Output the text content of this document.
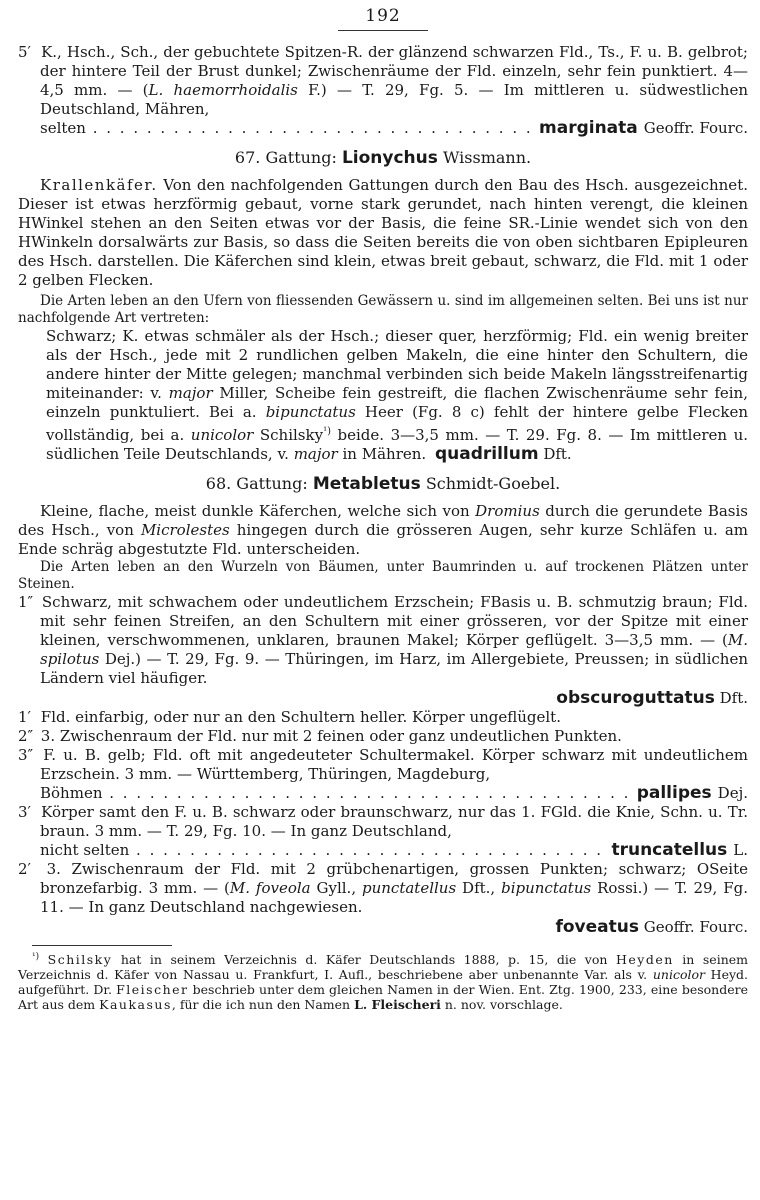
192
5′ K., Hsch., Sch., der gebuchtete Spitzen-R. der glänzend schwarzen Fld., Ts., F. u. B. gelbrot; der hintere Teil der Brust dunkel; Zwischenräume der Fld. einzeln, sehr fein punktiert. 4—4,5 mm. — (L. haemorrhoidalis F.) — T. 29, Fg. 5. — Im mittleren u. südwestlichen Deutschland, Mähren,
selten . . .	marginata Geoffr. Fourc.
67. Gattung: Lionychus Wissmann.
Krallenkäfer. Von den nachfolgenden Gattungen durch den Bau des Hsch. ausgezeichnet. Dieser ist etwas herzförmig gebaut, vorne stark gerundet, nach hinten verengt, die kleinen HWinkel stehen an den Seiten etwas vor der Basis, die feine SR.-Linie wendet sich von den HWinkeln dorsalwärts zur Basis, so dass die Seiten bereits die von oben sichtbaren Epipleuren des Hsch. darstellen. Die Käferchen sind klein, etwas breit gebaut, schwarz, die Fld. mit 1 oder 2 gelben Flecken.
Die Arten leben an den Ufern von fliessenden Gewässern u. sind im allgemeinen selten. Bei uns ist nur nachfolgende Art vertreten:
Schwarz; K. etwas schmäler als der Hsch.; dieser quer, herzförmig; Fld. ein wenig breiter als der Hsch., jede mit 2 rundlichen gelben Makeln, die eine hinter den Schultern, die andere hinter der Mitte gelegen; manchmal verbinden sich beide Makeln längsstreifenartig miteinander: v. major Miller, Scheibe fein gestreift, die flachen Zwischenräume sehr fein, einzeln punktuliert. Bei a. bipunctatus Heer (Fg. 8 c) fehlt der hintere gelbe Flecken vollständig, bei a. unicolor Schilsky$^{^1)}$ beide. 3—3,5 mm. — T. 29. Fg. 8. — Im mittleren u. südlichen Teile Deutschlands, v. major in Mähren. quadrillum Dft.
68. Gattung: Metabletus Schmidt-Goebel.
Kleine, flache, meist dunkle Käferchen, welche sich von Dromius durch die gerundete Basis des Hsch., von Microlestes hingegen durch die grösseren Augen, sehr kurze Schläfen u. am Ende schräg abgestutzte Fld. unterscheiden.
Die Arten leben an den Wurzeln von Bäumen, unter Baumrinden u. auf trockenen Plätzen unter Steinen.
1″ Schwarz, mit schwachem oder undeutlichem Erzschein; FBasis u. B. schmutzig braun; Fld. mit sehr feinen Streifen, an den Schultern mit einer grösseren, vor der Spitze mit einer kleinen, verschwommenen, unklaren, braunen Makel; Körper geflügelt. 3—3,5 mm. — (M. spilotus Dej.) — T. 29, Fg. 9. — Thüringen, im Harz, im Allergebiete, Preussen; in südlichen Ländern viel häufiger.
obscuroguttatus Dft.
1′ Fld. einfarbig, oder nur an den Schultern heller. Körper ungeflügelt.
2″ 3. Zwischenraum der Fld. nur mit 2 feinen oder ganz undeutlichen Punkten.
3″ F. u. B. gelb; Fld. oft mit angedeuteter Schultermakel. Körper schwarz mit undeutlichem Erzschein. 3 mm. — Württemberg, Thüringen, Magdeburg,
Böhmen . . .	pallipes Dej.
3′ Körper samt den F. u. B. schwarz oder braunschwarz, nur das 1. FGld. die Knie, Schn. u. Tr. braun. 3 mm. — T. 29, Fg. 10. — In ganz Deutschland,
nicht selten . . .	truncatellus L.
2′ 3. Zwischenraum der Fld. mit 2 grübchenartigen, grossen Punkten; schwarz; OSeite bronzefarbig. 3 mm. — (M. foveola Gyll., punctatellus Dft., bipunctatus Rossi.) — T. 29, Fg. 11. — In ganz Deutschland nachgewiesen.
foveatus Geoffr. Fourc.
$^{^1)}$ Schilsky hat in seinem Verzeichnis d. Käfer Deutschlands 1888, p. 15, die von Heyden in seinem Verzeichnis d. Käfer von Nassau u. Frankfurt, I. Aufl., beschriebene aber unbenannte Var. als v. unicolor Heyd. aufgeführt. Dr. Fleischer beschrieb unter dem gleichen Namen in der Wien. Ent. Ztg. 1900, 233, eine besondere Art aus dem Kaukasus, für die ich nun den Namen L. Fleischeri n. nov. vorschlage.
